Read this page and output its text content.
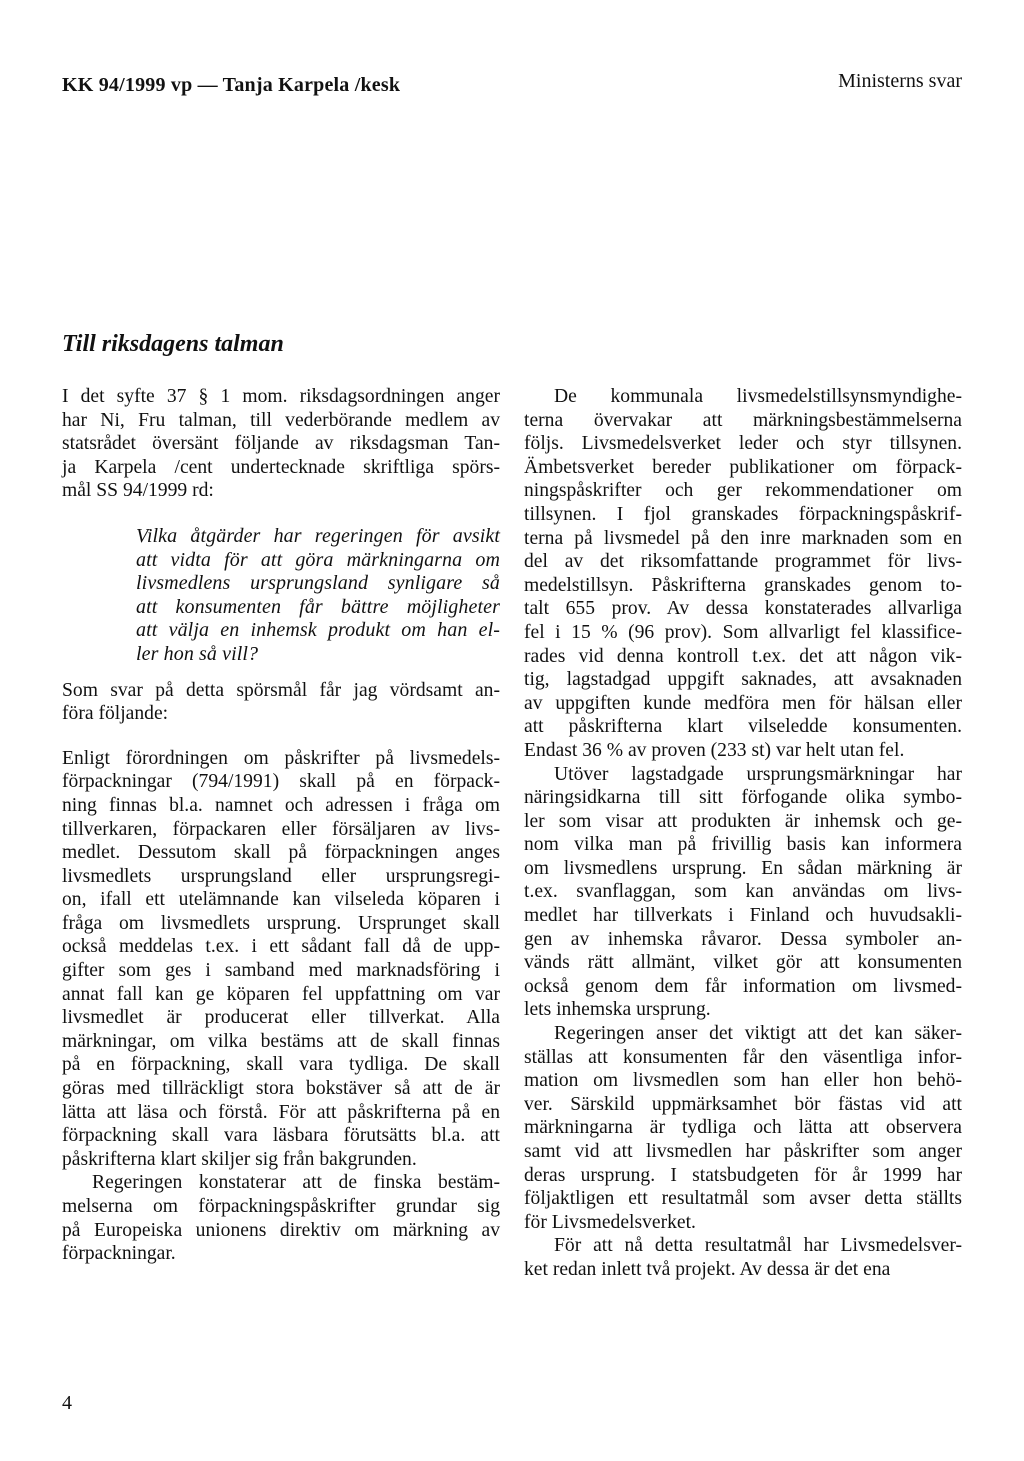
KK 94/1999 vp — Tanja Karpela /kesk	Ministerns svar
Till riksdagens talman

I det syfte 37 § 1 mom. riksdagsordningen anger
har Ni, Fru talman, till vederbörande medlem av
statsrådet översänt följande av riksdagsman Tan-
ja Karpela /cent undertecknade skriftliga spörs-
mål SS 94/1999 rd:

Vilka åtgärder har regeringen för avsikt
att vidta för att göra märkningarna om
livsmedlens ursprungsland synligare så
att konsumenten får bättre möjligheter
att välja en inhemsk produkt om han el-
ler hon så vill?

Som svar på detta spörsmål får jag vördsamt an-
föra följande:

Enligt förordningen om påskrifter på livsmedels-
förpackningar (794/1991) skall på en förpack-
ning finnas bl.a. namnet och adressen i fråga om
tillverkaren, förpackaren eller försäljaren av livs-
medlet. Dessutom skall på förpackningen anges
livsmedlets ursprungsland eller ursprungsregi-
on, ifall ett utelämnande kan vilseleda köparen i
fråga om livsmedlets ursprung. Ursprunget skall
också meddelas t.ex. i ett sådant fall då de upp-
gifter som ges i samband med marknadsföring i
annat fall kan ge köparen fel uppfattning om var
livsmedlet är producerat eller tillverkat. Alla
märkningar, om vilka bestäms att de skall finnas
på en förpackning, skall vara tydliga. De skall
göras med tillräckligt stora bokstäver så att de är
lätta att läsa och förstå. För att påskrifterna på en
förpackning skall vara läsbara förutsätts bl.a. att
påskrifterna klart skiljer sig från bakgrunden.

Regeringen konstaterar att de finska bestäm-
melserna om förpackningspåskrifter grundar sig
på Europeiska unionens direktiv om märkning av
förpackningar.

De kommunala livsmedelstillsynsmyndighe-
terna övervakar att märkningsbestämmelserna
följs. Livsmedelsverket leder och styr tillsynen.
Ämbetsverket bereder publikationer om förpack-
ningspåskrifter och ger rekommendationer om
tillsynen. I fjol granskades förpackningspåskrif-
terna på livsmedel på den inre marknaden som en
del av det riksomfattande programmet för livs-
medelstillsyn. Påskrifterna granskades genom to-
talt 655 prov. Av dessa konstaterades allvarliga
fel i 15 % (96 prov). Som allvarligt fel klassifice-
rades vid denna kontroll t.ex. det att någon vik-
tig, lagstadgad uppgift saknades, att avsaknaden
av uppgiften kunde medföra men för hälsan eller
att påskrifterna klart vilseledde konsumenten.
Endast 36 % av proven (233 st) var helt utan fel.

Utöver lagstadgade ursprungsmärkningar har
näringsidkarna till sitt förfogande olika symbo-
ler som visar att produkten är inhemsk och ge-
nom vilka man på frivillig basis kan informera
om livsmedlens ursprung. En sådan märkning är
t.ex. svanflaggan, som kan användas om livs-
medlet har tillverkats i Finland och huvudsakli-
gen av inhemska råvaror. Dessa symboler an-
vänds rätt allmänt, vilket gör att konsumenten
också genom dem får information om livsmed-
lets inhemska ursprung.

Regeringen anser det viktigt att det kan säker-
ställas att konsumenten får den väsentliga infor-
mation om livsmedlen som han eller hon behö-
ver. Särskild uppmärksamhet bör fästas vid att
märkningarna är tydliga och lätta att observera
samt vid att livsmedlen har påskrifter som anger
deras ursprung. I statsbudgeten för år 1999 har
följaktligen ett resultatmål som avser detta ställts
för Livsmedelsverket.

För att nå detta resultatmål har Livsmedelsver-
ket redan inlett två projekt. Av dessa är det ena

4
